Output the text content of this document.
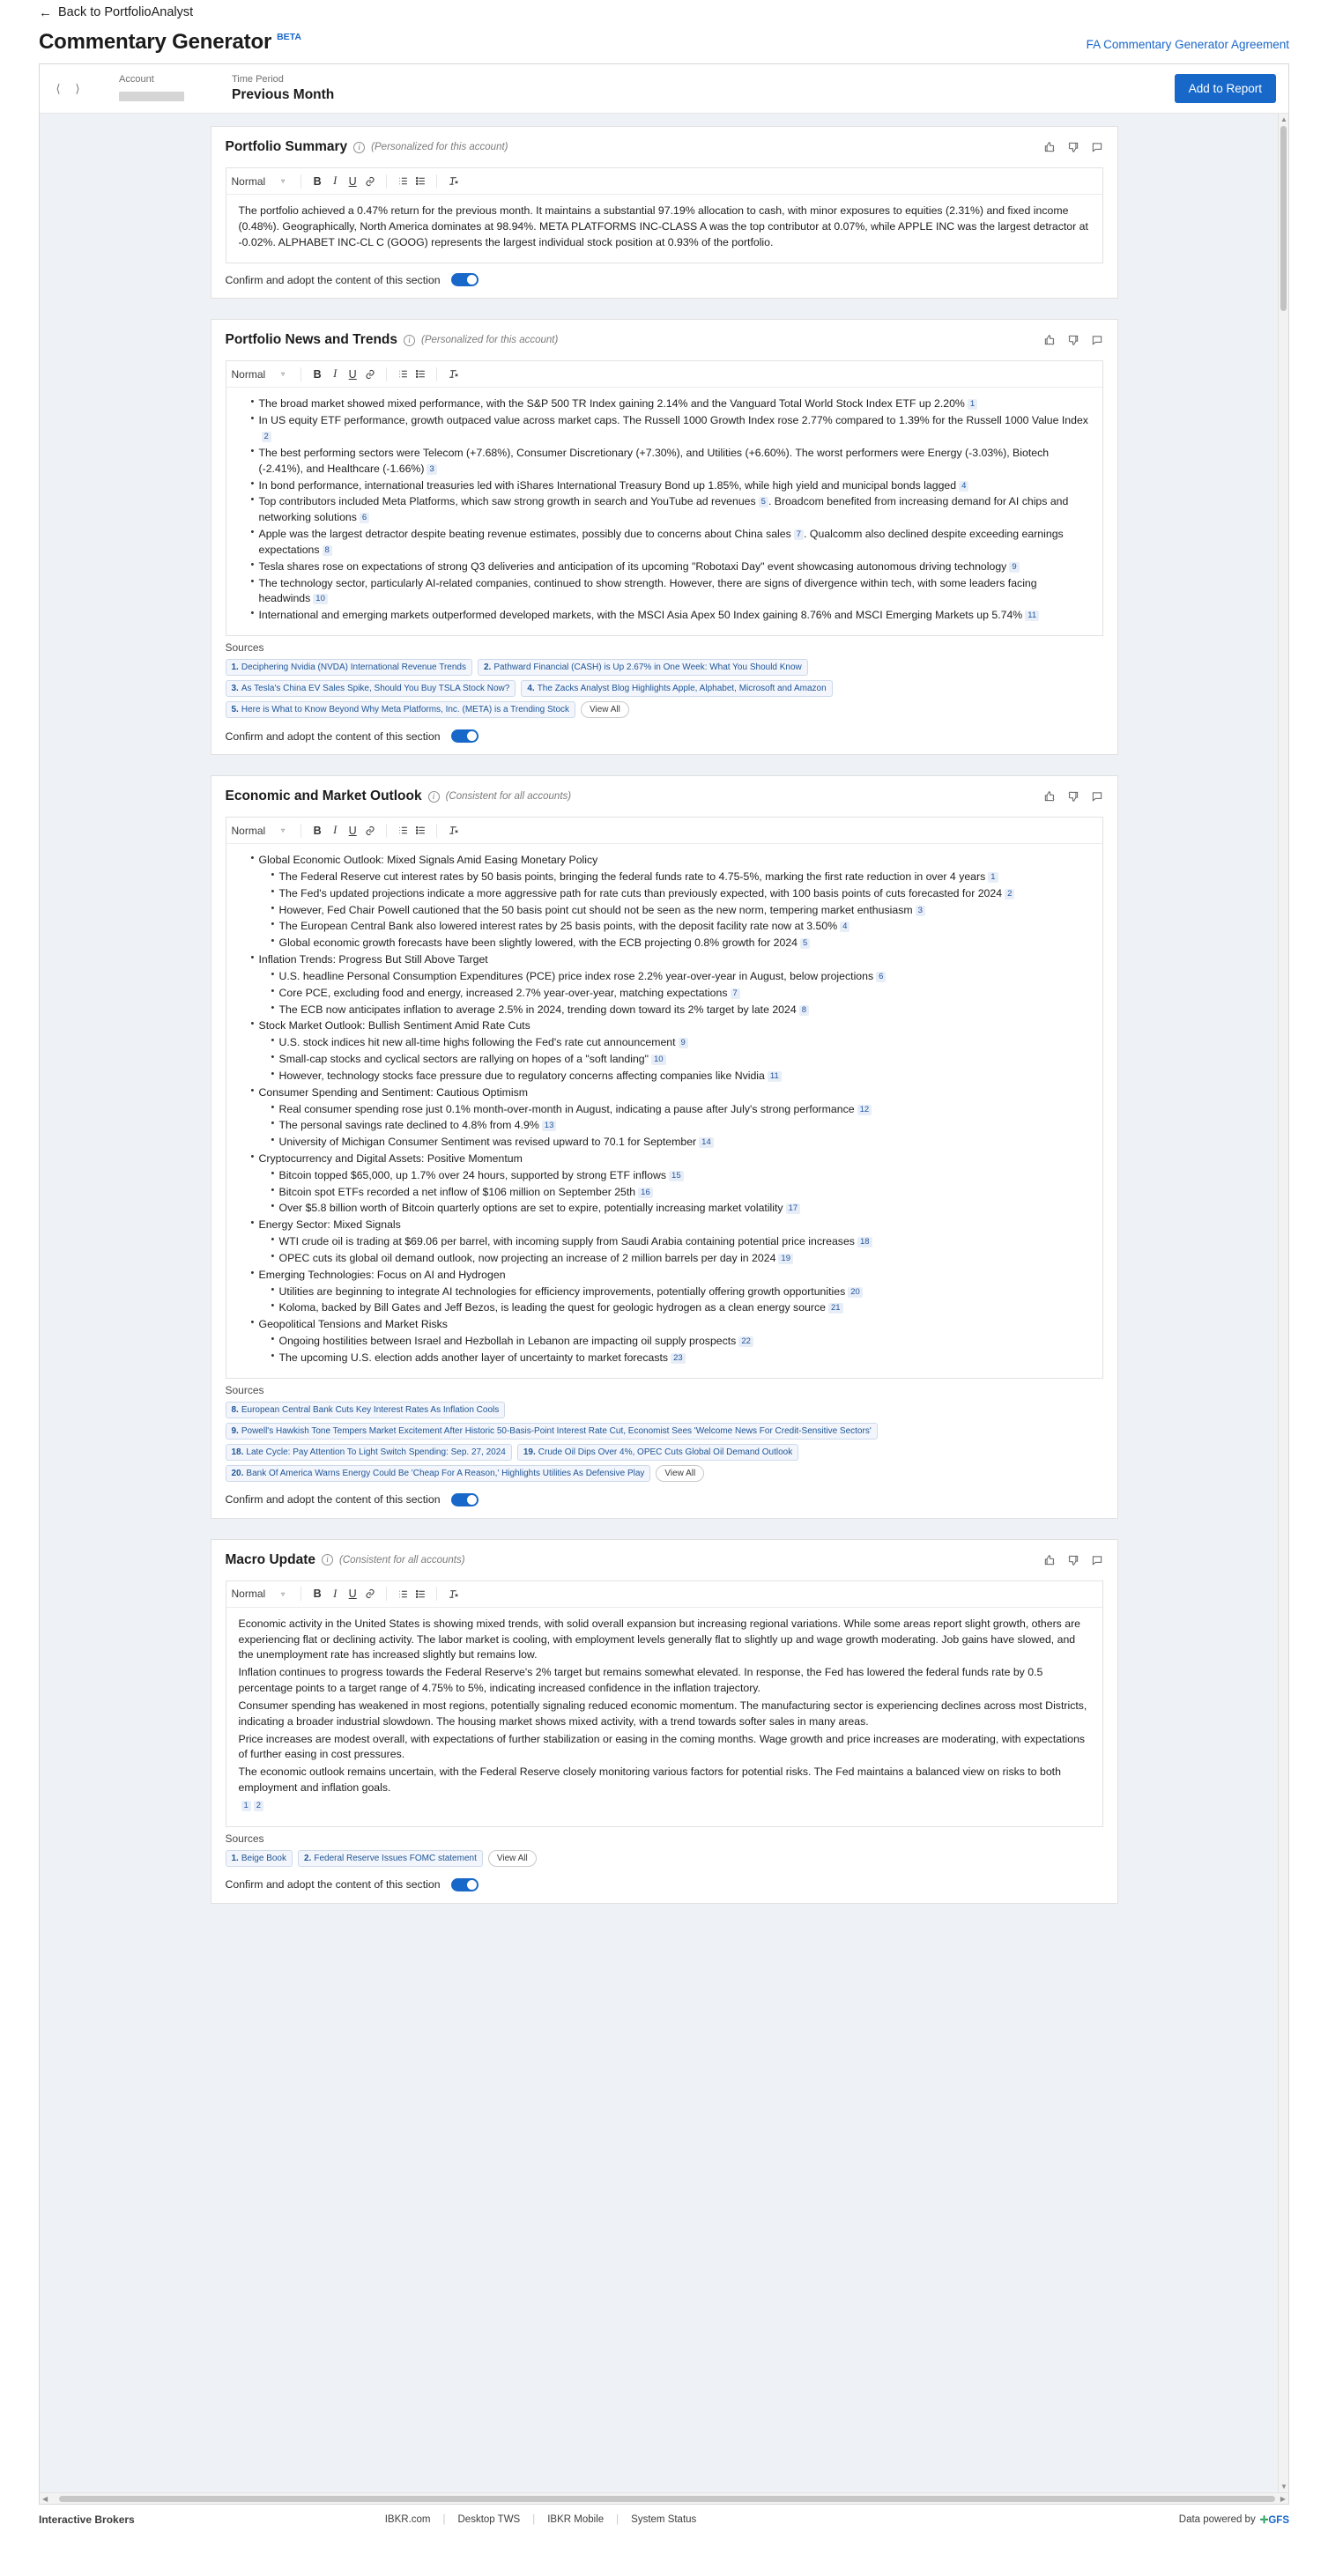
← Back to PortfolioAnalyst
Commentary Generator BETA
FA Commentary Generator Agreement
⟨	⟩
Account	Time Period
Previous Month	Add to Report
Portfolio Summary	i	(Personalized for this account)
Normal ▿	B	I	U

The portfolio achieved a 0.47% return for the previous month. It maintains a substantial 97.19% allocation to cash, with minor exposures to equities (2.31%) and fixed income (0.48%). Geographically, North America dominates at 98.94%. META PLATFORMS INC-CLASS A was the top contributor at 0.07%, while APPLE INC was the largest detractor at -0.02%. ALPHABET INC-CL C (GOOG) represents the largest individual stock position at 0.93% of the portfolio.

Confirm and adopt the content of this section
Portfolio News and Trends	i	(Personalized for this account)
Normal ▿	B	I	U
• The broad market showed mixed performance, with the S&P 500 TR Index gaining 2.14% and the Vanguard Total World Stock Index ETF up 2.20% 1
• In US equity ETF performance, growth outpaced value across market caps. The Russell 1000 Growth Index rose 2.77% compared to 1.39% for the Russell 1000 Value Index2
• The best performing sectors were Telecom (+7.68%), Consumer Discretionary (+7.30%), and Utilities (+6.60%). The worst performers were Energy (-3.03%), Biotech (-2.41%), and Healthcare (-1.66%) 3
• In bond performance, international treasuries led with iShares International Treasury Bond up 1.85%, while high yield and municipal bonds lagged 4
• Top contributors included Meta Platforms, which saw strong growth in search and YouTube ad revenues 5 . Broadcom benefited from increasing demand for AI chips and networking solutions 6
• Apple was the largest detractor despite beating revenue estimates, possibly due to concerns about China sales 7 . Qualcomm also declined despite exceeding earnings expectations 8
• Tesla shares rose on expectations of strong Q3 deliveries and anticipation of its upcoming "Robotaxi Day" event showcasing autonomous driving technology 9
• The technology sector, particularly AI-related companies, continued to show strength. However, there are signs of divergence within tech, with some leaders facing headwinds 10
• International and emerging markets outperformed developed markets, with the MSCI Asia Apex 50 Index gaining 8.76% and MSCI Emerging Markets up 5.74% 11
Sources
1. Deciphering Nvidia (NVDA) International Revenue Trends	2. Pathward Financial (CASH) is Up 2.67% in One Week: What You Should Know
3. As Tesla's China EV Sales Spike, Should You Buy TSLA Stock Now?	4. The Zacks Analyst Blog Highlights Apple, Alphabet, Microsoft and Amazon
5. Here is What to Know Beyond Why Meta Platforms, Inc. (META) is a Trending Stock	View All
Confirm and adopt the content of this section
Economic and Market Outlook	i	(Consistent for all accounts)
Normal ▿	B	I	U
• Global Economic Outlook: Mixed Signals Amid Easing Monetary Policy
• The Federal Reserve cut interest rates by 50 basis points, bringing the federal funds rate to 4.75-5%, marking the first rate reduction in over 4 years 1
• The Fed's updated projections indicate a more aggressive path for rate cuts than previously expected, with 100 basis points of cuts forecasted for 2024 2
• However, Fed Chair Powell cautioned that the 50 basis point cut should not be seen as the new norm, tempering market enthusiasm 3
• The European Central Bank also lowered interest rates by 25 basis points, with the deposit facility rate now at 3.50% 4
• Global economic growth forecasts have been slightly lowered, with the ECB projecting 0.8% growth for 2024 5
• Inflation Trends: Progress But Still Above Target
• U.S. headline Personal Consumption Expenditures (PCE) price index rose 2.2% year-over-year in August, below projections 6
• Core PCE, excluding food and energy, increased 2.7% year-over-year, matching expectations 7
• The ECB now anticipates inflation to average 2.5% in 2024, trending down toward its 2% target by late 2024 8
• Stock Market Outlook: Bullish Sentiment Amid Rate Cuts
• U.S. stock indices hit new all-time highs following the Fed's rate cut announcement 9
• Small-cap stocks and cyclical sectors are rallying on hopes of a "soft landing" 10
• However, technology stocks face pressure due to regulatory concerns affecting companies like Nvidia 11
• Consumer Spending and Sentiment: Cautious Optimism
• Real consumer spending rose just 0.1% month-over-month in August, indicating a pause after July's strong performance 12
• The personal savings rate declined to 4.8% from 4.9% 13
• University of Michigan Consumer Sentiment was revised upward to 70.1 for September 14
• Cryptocurrency and Digital Assets: Positive Momentum
• Bitcoin topped $65,000, up 1.7% over 24 hours, supported by strong ETF inflows 15
• Bitcoin spot ETFs recorded a net inflow of $106 million on September 25th 16
• Over $5.8 billion worth of Bitcoin quarterly options are set to expire, potentially increasing market volatility 17
• Energy Sector: Mixed Signals
• WTI crude oil is trading at $69.06 per barrel, with incoming supply from Saudi Arabia containing potential price increases 18
• OPEC cuts its global oil demand outlook, now projecting an increase of 2 million barrels per day in 2024 19
• Emerging Technologies: Focus on AI and Hydrogen
• Utilities are beginning to integrate AI technologies for efficiency improvements, potentially offering growth opportunities 20
• Koloma, backed by Bill Gates and Jeff Bezos, is leading the quest for geologic hydrogen as a clean energy source 21
• Geopolitical Tensions and Market Risks
• Ongoing hostilities between Israel and Hezbollah in Lebanon are impacting oil supply prospects 22
• The upcoming U.S. election adds another layer of uncertainty to market forecasts 23
Sources
8. European Central Bank Cuts Key Interest Rates As Inflation Cools
9. Powell's Hawkish Tone Tempers Market Excitement After Historic 50-Basis-Point Interest Rate Cut, Economist Sees 'Welcome News For Credit-Sensitive Sectors'
18. Late Cycle: Pay Attention To Light Switch Spending: Sep. 27, 2024	19. Crude Oil Dips Over 4%, OPEC Cuts Global Oil Demand Outlook
20. Bank Of America Warns Energy Could Be 'Cheap For A Reason,' Highlights Utilities As Defensive Play	View All
Confirm and adopt the content of this section
Macro Update	i	(Consistent for all accounts)
Normal ▿	B	I	U

Economic activity in the United States is showing mixed trends, with solid overall expansion but increasing regional variations. While some areas report slight growth, others are experiencing flat or declining activity. The labor market is cooling, with employment levels generally flat to slightly up and wage growth moderating. Job gains have slowed, and the unemployment rate has increased slightly but remains low.

Inflation continues to progress towards the Federal Reserve's 2% target but remains somewhat elevated. In response, the Fed has lowered the federal funds rate by 0.5 percentage points to a target range of 4.75% to 5%, indicating increased confidence in the inflation trajectory.

Consumer spending has weakened in most regions, potentially signaling reduced economic momentum. The manufacturing sector is experiencing declines across most Districts, indicating a broader industrial slowdown. The housing market shows mixed activity, with a trend towards softer sales in many areas.

Price increases are modest overall, with expectations of further stabilization or easing in the coming months. Wage growth and price increases are moderating, with expectations of further easing in cost pressures.

The economic outlook remains uncertain, with the Federal Reserve closely monitoring various factors for potential risks. The Fed maintains a balanced view on risks to both employment and inflation goals.

1 2

Sources
1. Beige Book	2. Federal Reserve Issues FOMC statement	View All
Confirm and adopt the content of this section
▲
▼
◀	▶
Interactive Brokers	IBKR.com	|	Desktop TWS	|	IBKR Mobile	|	System Status	Data powered by ✛GFS
